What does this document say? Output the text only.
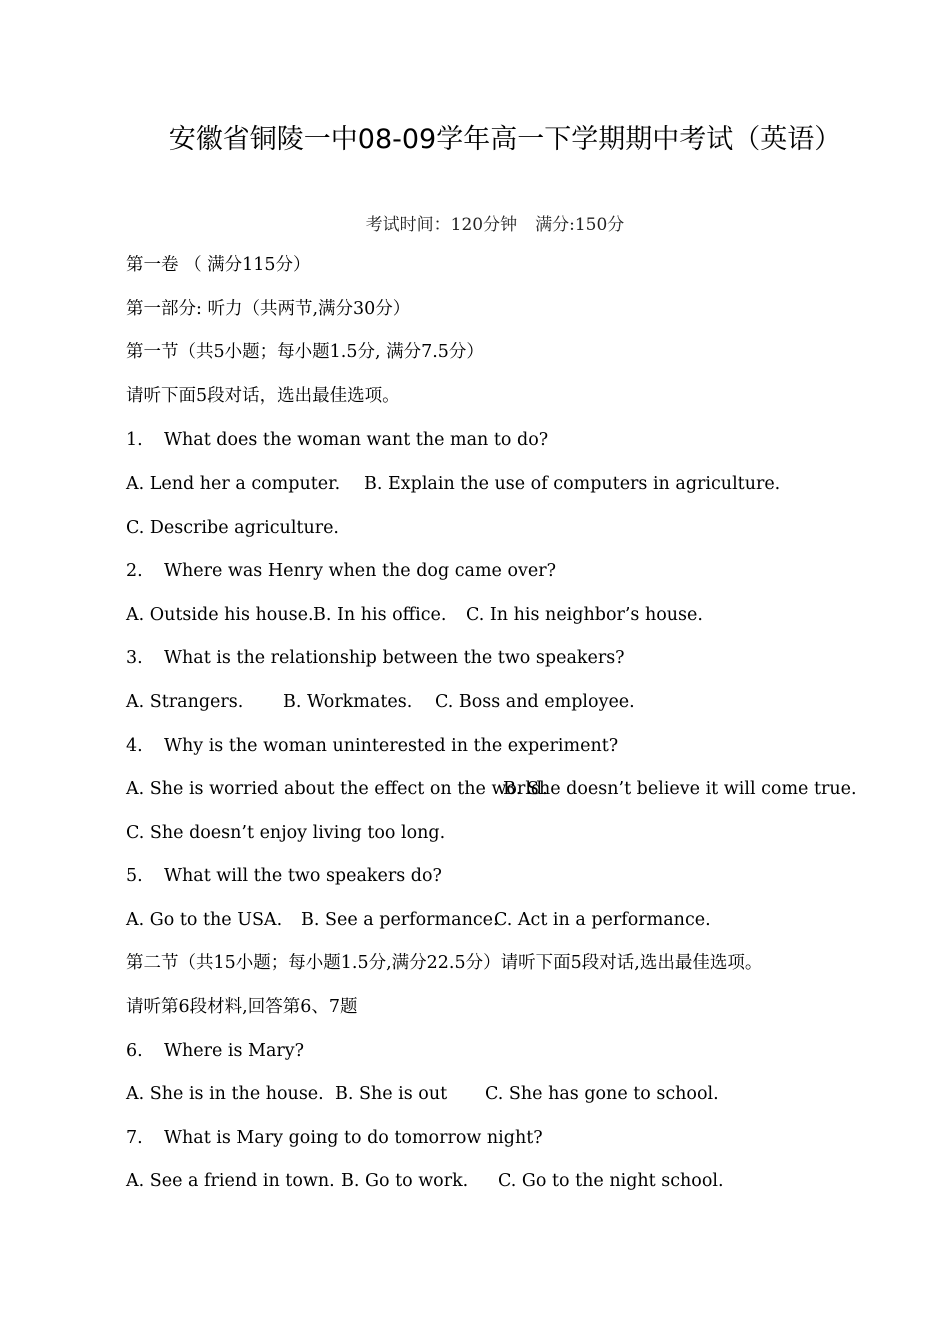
安徽省铜陵一中08-09学年高一下学期期中考试（英语）
考试时间：120分钟 满分:150分
第一卷 （ 满分115分）
第一部分: 听力（共两节,满分30分）
第一节（共5小题；每小题1.5分, 满分7.5分）
请听下面5段对话，选出最佳选项。
1. What does the woman want the man to do?
A. Lend her a computer. B. Explain the use of computers in agriculture.
C. Describe agriculture.
2. Where was Henry when the dog came over?
A. Outside his house.B. In his office. C. In his neighbor’s house.
3. What is the relationship between the two speakers?
A. Strangers. B. Workmates. C. Boss and employee.
4. Why is the woman uninterested in the experiment?
A. She is worried about the effect on the world.B. She doesn’t believe it will come true.
C. She doesn’t enjoy living too long.
5. What will the two speakers do?
A. Go to the USA. B. See a performance.C. Act in a performance.
第二节（共15小题；每小题1.5分,满分22.5分）请听下面5段对话,选出最佳选项。
请听第6段材料,回答第6、7题
6. Where is Mary?
A. She is in the house. B. She is out C. She has gone to school.
7. What is Mary going to do tomorrow night?
A. See a friend in town. B. Go to work. C. Go to the night school.
